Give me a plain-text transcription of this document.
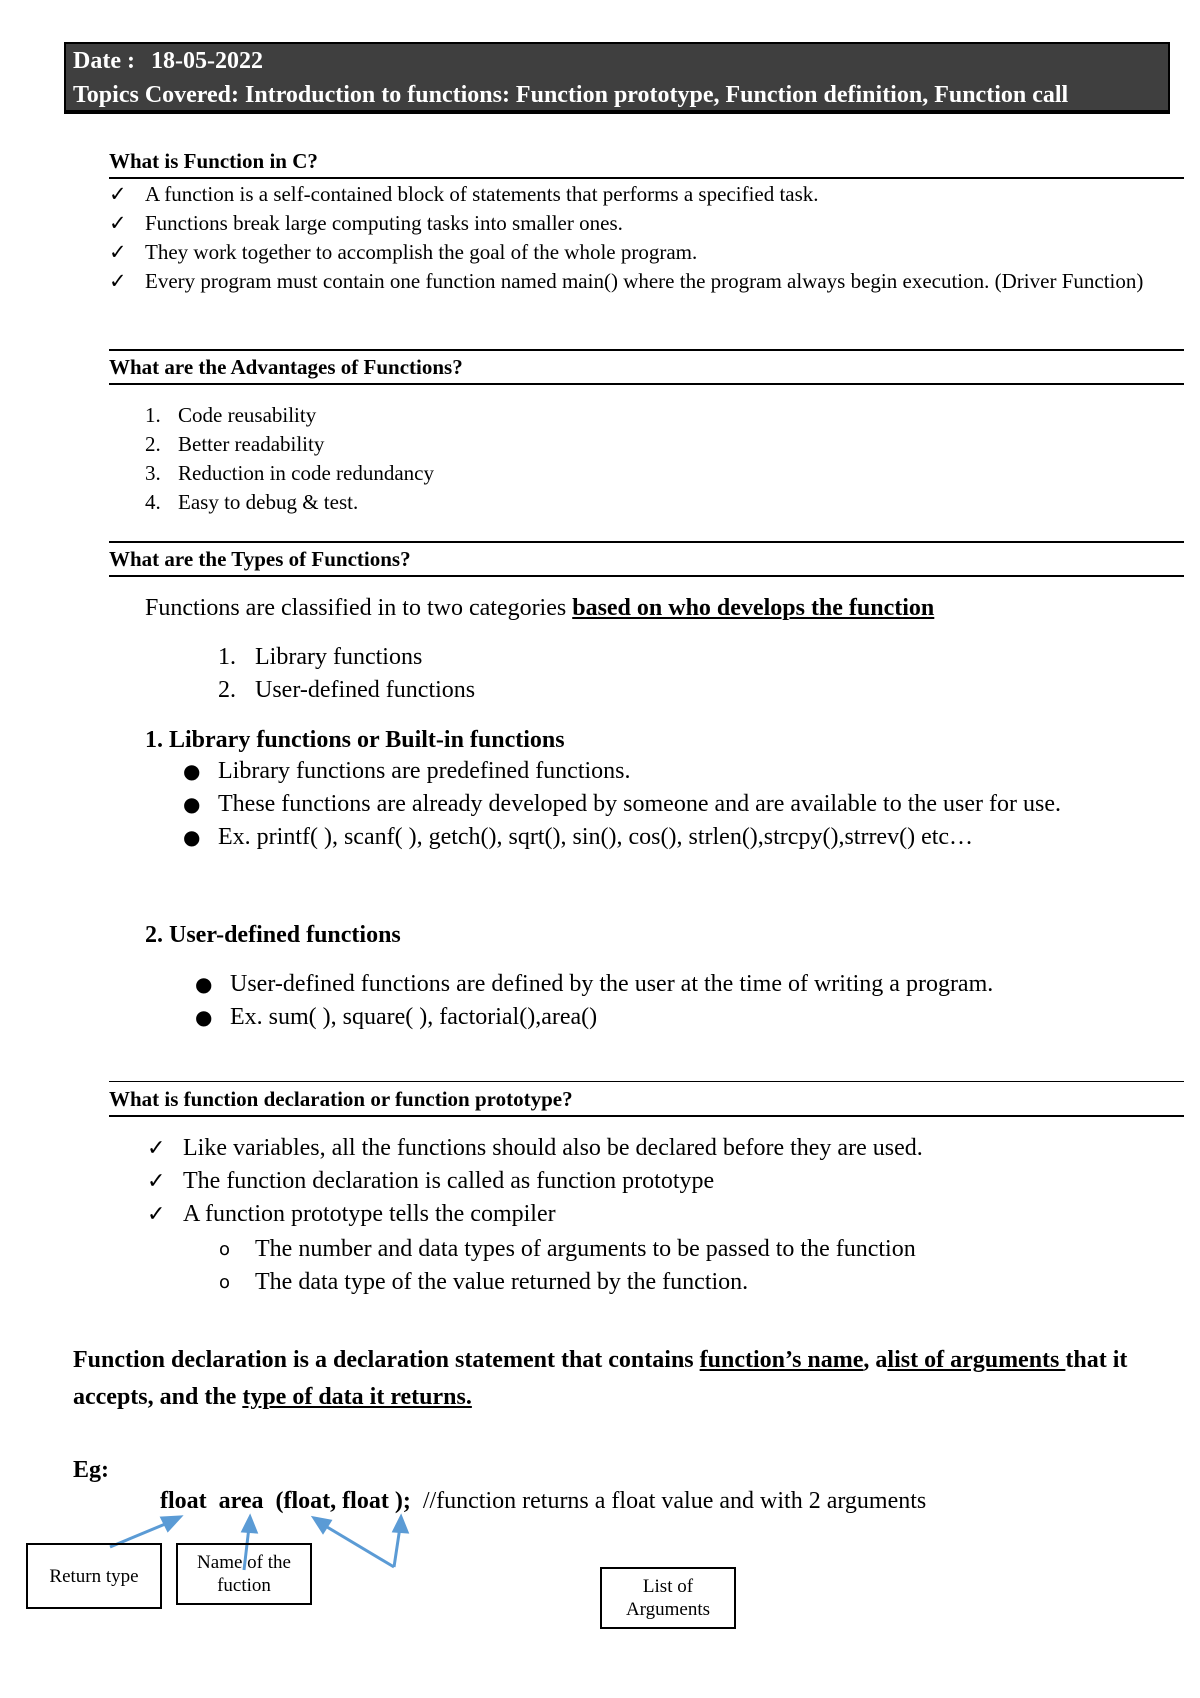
Date : 18-05-2022
Topics Covered: Introduction to functions: Function prototype, Function definition, Function call
What is Function in C?
✓ A function is a self-contained block of statements that performs a specified task.
✓ Functions break large computing tasks into smaller ones.
✓ They work together to accomplish the goal of the whole program.
✓ Every program must contain one function named main() where the program always begin execution. (Driver Function)
What are the Advantages of Functions?
1. Code reusability
2. Better readability
3. Reduction in code redundancy
4. Easy to debug & test.
What are the Types of Functions?
Functions are classified in to two categories based on who develops the function
1. Library functions
2. User-defined functions
1. Library functions or Built-in functions
● Library functions are predefined functions.
● These functions are already developed by someone and are available to the user for use.
● Ex. printf( ), scanf( ), getch(), sqrt(), sin(), cos(), strlen(),strcpy(),strrev() etc…
2. User-defined functions
● User-defined functions are defined by the user at the time of writing a program.
● Ex. sum( ), square( ), factorial(),area()
What is function declaration or function prototype?
✓ Like variables, all the functions should also be declared before they are used.
✓ The function declaration is called as function prototype
✓ A function prototype tells the compiler
o The number and data types of arguments to be passed to the function
o The data type of the value returned by the function.
Function declaration is a declaration statement that contains function’s name, alist of arguments that it accepts, and the type of data it returns.
Eg:
float  area  (float, float ); //function returns a float value and with 2 arguments
Return type
Name of the fuction	List of Arguments
